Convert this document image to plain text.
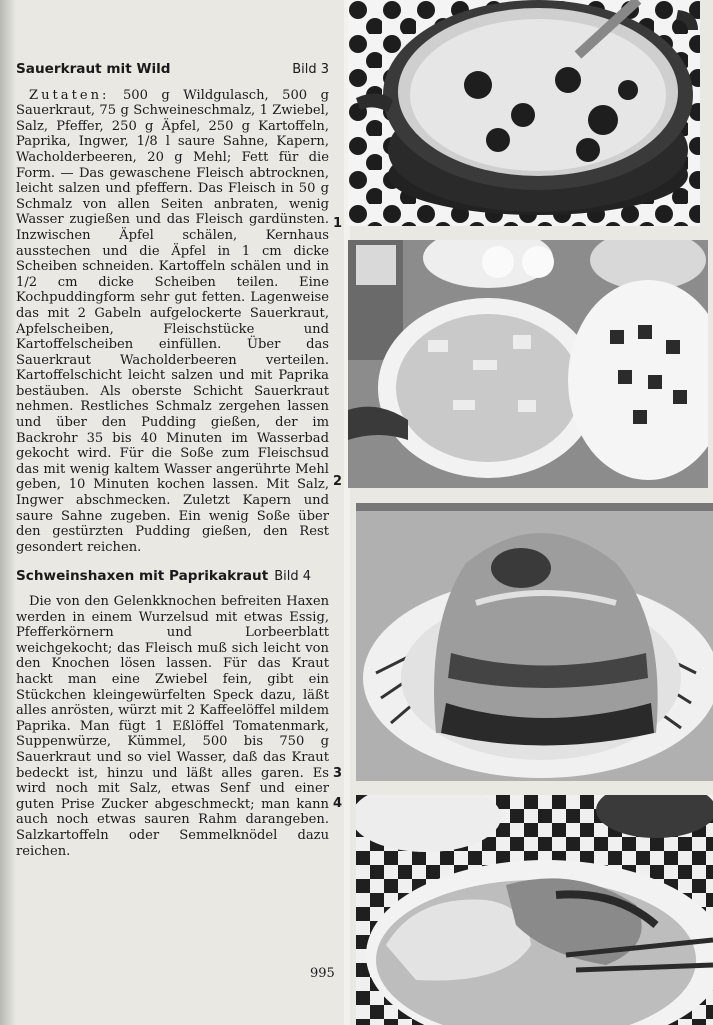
Sauerkraut mit Wild	Bild 3

Zutaten: 500 g Wildgulasch, 500 g Sauerkraut, 75 g Schweineschmalz, 1 Zwiebel, Salz, Pfeffer, 250 g Äpfel, 250 g Kartoffeln, Paprika, Ingwer, 1/8 l saure Sahne, Kapern, Wacholderbeeren, 20 g Mehl; Fett für die Form. — Das gewaschene Fleisch abtrocknen, leicht salzen und pfeffern. Das Fleisch in 50 g Schmalz von allen Seiten anbraten, wenig Wasser zugießen und das Fleisch gardünsten. Inzwischen Äpfel schälen, Kernhaus ausstechen und die Äpfel in 1 cm dicke Scheiben schneiden. Kartoffeln schälen und in 1/2 cm dicke Scheiben teilen. Eine Kochpuddingform sehr gut fetten. Lagenweise das mit 2 Gabeln aufgelockerte Sauerkraut, Apfelscheiben, Fleischstücke und Kartoffelscheiben einfüllen. Über das Sauerkraut Wacholderbeeren verteilen. Kartoffelschicht leicht salzen und mit Paprika bestäuben. Als oberste Schicht Sauerkraut nehmen. Restliches Schmalz zergehen lassen und über den Pudding gießen, der im Backrohr 35 bis 40 Minuten im Wasserbad gekocht wird. Für die Soße zum Fleischsud das mit wenig kaltem Wasser angerührte Mehl geben, 10 Minuten kochen lassen. Mit Salz, Ingwer abschmecken. Zuletzt Kapern und saure Sahne zugeben. Ein wenig Soße über den gestürzten Pudding gießen, den Rest gesondert reichen.

Schweinshaxen mit Paprikakraut Bild 4

Die von den Gelenkknochen befreiten Haxen werden in einem Wurzelsud mit etwas Essig, Pfefferkörnern und Lorbeerblatt weichgekocht; das Fleisch muß sich leicht von den Knochen lösen lassen. Für das Kraut hackt man eine Zwiebel fein, gibt ein Stückchen kleingewürfelten Speck dazu, läßt alles anrösten, würzt mit 2 Kaffeelöffel mildem Paprika. Man fügt 1 Eßlöffel Tomatenmark, Suppenwürze, Kümmel, 500 bis 750 g Sauerkraut und so viel Wasser, daß das Kraut bedeckt ist, hinzu und läßt alles garen. Es wird noch mit Salz, etwas Senf und einer guten Prise Zucker abgeschmeckt; man kann auch noch etwas sauren Rahm darangeben. Salzkartoffeln oder Semmelknödel dazu reichen.

995
1
2
3
4
